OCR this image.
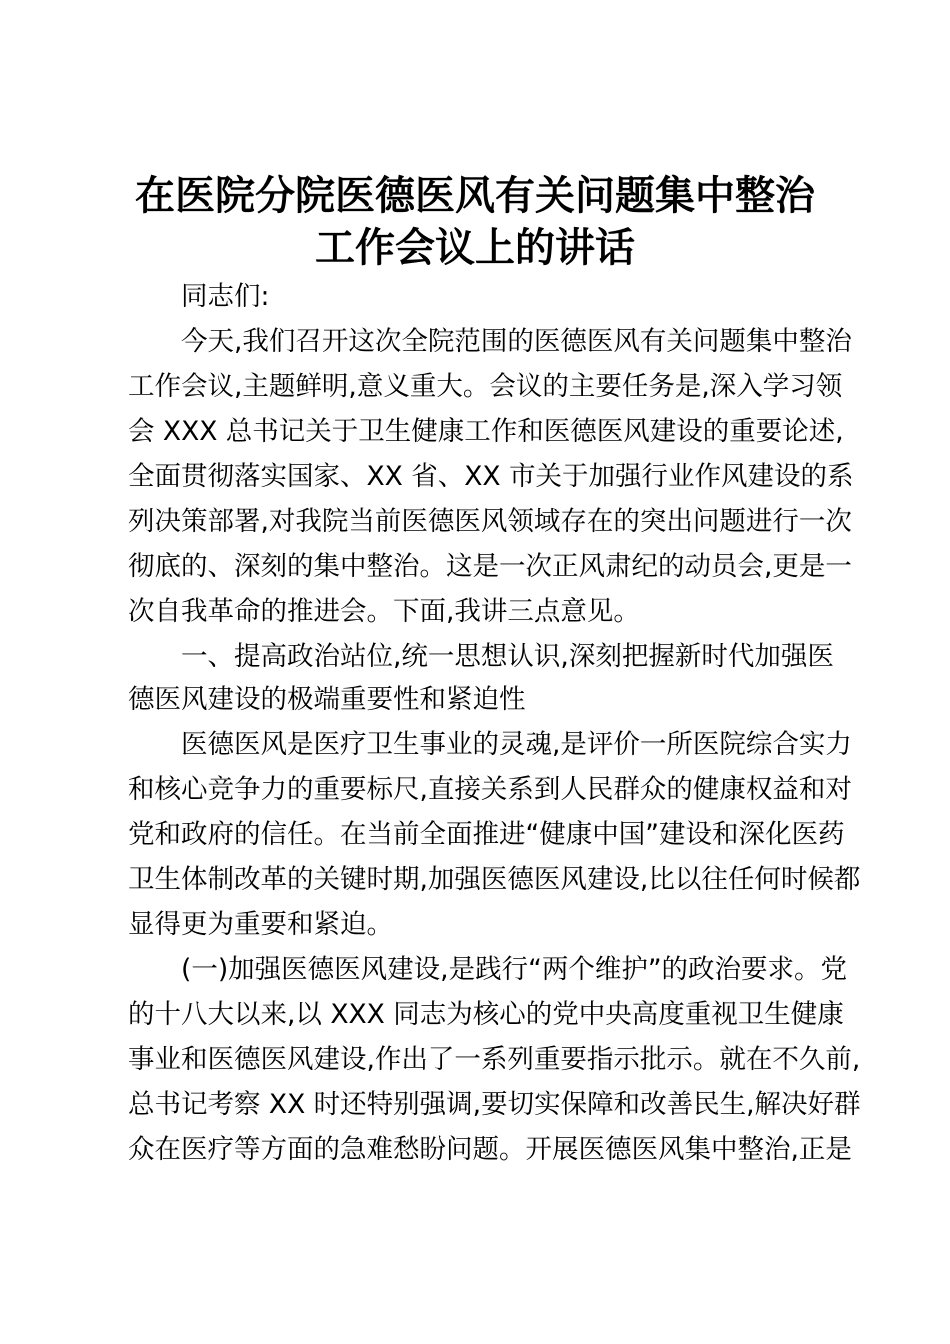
在医院分院医德医风有关问题集中整治
工作会议上的讲话
　　同志们:
　　今天,我们召开这次全院范围的医德医风有关问题集中整治
工作会议,主题鲜明,意义重大。会议的主要任务是,深入学习领
会 XXX 总书记关于卫生健康工作和医德医风建设的重要论述,
全面贯彻落实国家、XX 省、XX 市关于加强行业作风建设的系
列决策部署,对我院当前医德医风领域存在的突出问题进行一次
彻底的、深刻的集中整治。这是一次正风肃纪的动员会,更是一
次自我革命的推进会。下面,我讲三点意见。
　　一、提高政治站位,统一思想认识,深刻把握新时代加强医
德医风建设的极端重要性和紧迫性
　　医德医风是医疗卫生事业的灵魂,是评价一所医院综合实力
和核心竞争力的重要标尺,直接关系到人民群众的健康权益和对
党和政府的信任。在当前全面推进“健康中国”建设和深化医药
卫生体制改革的关键时期,加强医德医风建设,比以往任何时候都
显得更为重要和紧迫。
　　(一)加强医德医风建设,是践行“两个维护”的政治要求。党
的十八大以来,以 XXX 同志为核心的党中央高度重视卫生健康
事业和医德医风建设,作出了一系列重要指示批示。就在不久前,
总书记考察 XX 时还特别强调,要切实保障和改善民生,解决好群
众在医疗等方面的急难愁盼问题。开展医德医风集中整治,正是
